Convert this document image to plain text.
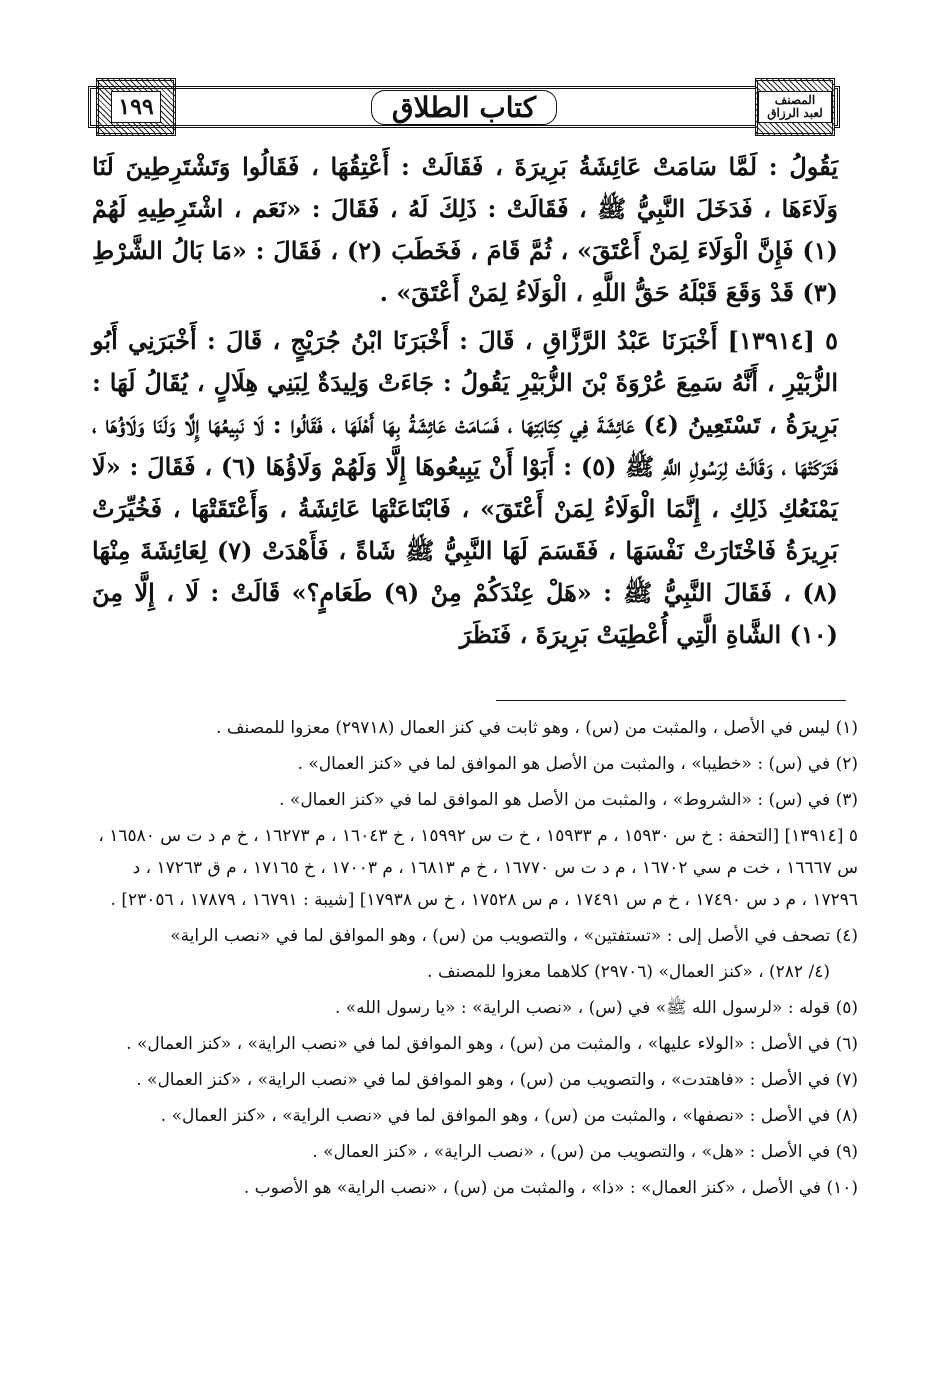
١٩٩	كتاب الطلاق	المصنف لعبد الرزاق

يَقُولُ : لَمَّا سَامَتْ عَائِشَةُ بَرِيرَةَ ، فَقَالَتْ : أَعْتِقُهَا ، فَقَالُوا وَتَشْتَرِطِينَ لَنَا وَلَاءَهَا ، فَدَخَلَ النَّبِيُّ ﷺ ، فَقَالَتْ : ذَلِكَ لَهُ ، فَقَالَ : «نَعَم ، اشْتَرِطِيهِ لَهُمْ (١) فَإِنَّ الْوَلَاءَ لِمَنْ أَعْتَقَ» ، ثُمَّ قَامَ ، فَخَطَبَ (٢) ، فَقَالَ : «مَا بَالُ الشَّرْطِ (٣) قَدْ وَقَعَ قَبْلَهُ حَقُّ اللَّهِ ، الْوَلَاءُ لِمَنْ أَعْتَقَ» .

٥ [١٣٩١٤] أَخْبَرَنَا عَبْدُ الرَّزَّاقِ ، قَالَ : أَخْبَرَنَا ابْنُ جُرَيْجٍ ، قَالَ : أَخْبَرَنِي أَبُو الزُّبَيْرِ ، أَنَّهُ سَمِعَ عُرْوَةَ بْنَ الزُّبَيْرِ يَقُولُ : جَاءَتْ وَلِيدَةٌ لِبَنِي هِلَالٍ ، يُقَالُ لَهَا : بَرِيرَةُ ، تَسْتَعِينُ (٤) عَائِشَةَ فِي كِتَابَتِهَا ، فَسَامَتْ عَائِشَةُ بِهَا أَهْلَهَا ، فَقَالُوا : لَا نَبِيعُهَا إِلَّا وَلَنَا وَلَاؤُهَا ، فَتَرَكَتْهَا ، وَقَالَتْ لِرَسُولِ اللَّهِ ﷺ (٥) : أَبَوْا أَنْ يَبِيعُوهَا إِلَّا وَلَهُمْ وَلَاؤُهَا (٦) ، فَقَالَ : «لَا يَمْنَعُكِ ذَلِكِ ، إِنَّمَا الْوَلَاءُ لِمَنْ أَعْتَقَ» ، فَابْتَاعَتْهَا عَائِشَةُ ، وَأَعْتَقَتْهَا ، فَخُيِّرَتْ بَرِيرَةُ فَاخْتَارَتْ نَفْسَهَا ، فَقَسَمَ لَهَا النَّبِيُّ ﷺ شَاةً ، فَأَهْدَتْ (٧) لِعَائِشَةَ مِنْهَا (٨) ، فَقَالَ النَّبِيُّ ﷺ : «هَلْ عِنْدَكُمْ مِنْ (٩) طَعَامٍ؟» قَالَتْ : لَا ، إِلَّا مِنَ (١٠) الشَّاةِ الَّتِي أُعْطِيَتْ بَرِيرَةَ ، فَنَظَرَ

(١) ليس في الأصل ، والمثبت من (س) ، وهو ثابت في كنز العمال (٢٩٧١٨) معزوا للمصنف .

(٢) في (س) : «خطيبا» ، والمثبت من الأصل هو الموافق لما في «كنز العمال» .

(٣) في (س) : «الشروط» ، والمثبت من الأصل هو الموافق لما في «كنز العمال» .

٥ [١٣٩١٤] [التحفة : خ س ١٥٩٣٠ ، م ١٥٩٣٣ ، خ ت س ١٥٩٩٢ ، خ ١٦٠٤٣ ، م ١٦٢٧٣ ، خ م د ت س ١٦٥٨٠ ، س ١٦٦٦٧ ، خت م سي ١٦٧٠٢ ، م د ت س ١٦٧٧٠ ، خ م ١٦٨١٣ ، م ١٧٠٠٣ ، خ ١٧١٦٥ ، م ق ١٧٢٦٣ ، د ١٧٢٩٦ ، م د س ١٧٤٩٠ ، خ م س ١٧٤٩١ ، م س ١٧٥٢٨ ، خ س ١٧٩٣٨] [شيبة : ١٦٧٩١ ، ١٧٨٧٩ ، ٢٣٠٥٦] .

(٤) تصحف في الأصل إلى : «تستفتين» ، والتصويب من (س) ، وهو الموافق لما في «نصب الراية»

(٤/ ٢٨٢) ، «كنز العمال» (٢٩٧٠٦) كلاهما معزوا للمصنف .

(٥) قوله : «لرسول الله ﷺ» في (س) ، «نصب الراية» : «يا رسول الله» .

(٦) في الأصل : «الولاء عليها» ، والمثبت من (س) ، وهو الموافق لما في «نصب الراية» ، «كنز العمال» .

(٧) في الأصل : «فاهتدت» ، والتصويب من (س) ، وهو الموافق لما في «نصب الراية» ، «كنز العمال» .

(٨) في الأصل : «نصفها» ، والمثبت من (س) ، وهو الموافق لما في «نصب الراية» ، «كنز العمال» .

(٩) في الأصل : «هل» ، والتصويب من (س) ، «نصب الراية» ، «كنز العمال» .

(١٠) في الأصل ، «كنز العمال» : «ذا» ، والمثبت من (س) ، «نصب الراية» هو الأصوب .
